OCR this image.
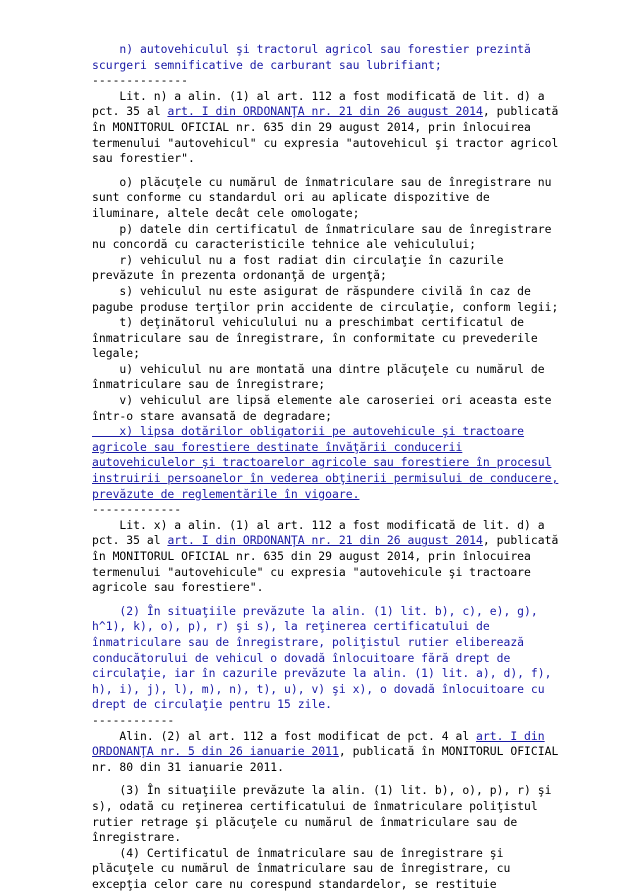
n) autovehiculul şi tractorul agricol sau forestier prezintă
scurgeri semnificative de carburant sau lubrifiant;
--------------
Lit. n) a alin. (1) al art. 112 a fost modificată de lit. d) a
pct. 35 al art. I din ORDONANŢA nr. 21 din 26 august 2014, publicată
în MONITORUL OFICIAL nr. 635 din 29 august 2014, prin înlocuirea
termenului "autovehicul" cu expresia "autovehicul şi tractor agricol
sau forestier".
o) plăcuţele cu numărul de înmatriculare sau de înregistrare nu
sunt conforme cu standardul ori au aplicate dispozitive de
iluminare, altele decât cele omologate;
p) datele din certificatul de înmatriculare sau de înregistrare
nu concordă cu caracteristicile tehnice ale vehiculului;
r) vehiculul nu a fost radiat din circulaţie în cazurile
prevăzute în prezenta ordonanţă de urgenţă;
s) vehiculul nu este asigurat de răspundere civilă în caz de
pagube produse terţilor prin accidente de circulaţie, conform legii;
t) deţinătorul vehiculului nu a preschimbat certificatul de
înmatriculare sau de înregistrare, în conformitate cu prevederile
legale;
u) vehiculul nu are montată una dintre plăcuţele cu numărul de
înmatriculare sau de înregistrare;
v) vehiculul are lipsă elemente ale caroseriei ori aceasta este
într-o stare avansată de degradare;
x) lipsa dotărilor obligatorii pe autovehicule şi tractoare
agricole sau forestiere destinate învăţării conducerii
autovehiculelor şi tractoarelor agricole sau forestiere în procesul
instruirii persoanelor în vederea obţinerii permisului de conducere,
prevăzute de reglementările în vigoare.
-------------
Lit. x) a alin. (1) al art. 112 a fost modificată de lit. d) a
pct. 35 al art. I din ORDONANŢA nr. 21 din 26 august 2014, publicată
în MONITORUL OFICIAL nr. 635 din 29 august 2014, prin înlocuirea
termenului "autovehicule" cu expresia "autovehicule şi tractoare
agricole sau forestiere".
(2) În situaţiile prevăzute la alin. (1) lit. b), c), e), g),
h^1), k), o), p), r) şi s), la reţinerea certificatului de
înmatriculare sau de înregistrare, poliţistul rutier eliberează
conducătorului de vehicul o dovadă înlocuitoare fără drept de
circulaţie, iar în cazurile prevăzute la alin. (1) lit. a), d), f),
h), i), j), l), m), n), t), u), v) şi x), o dovadă înlocuitoare cu
drept de circulaţie pentru 15 zile.
------------
Alin. (2) al art. 112 a fost modificat de pct. 4 al art. I din
ORDONANŢA nr. 5 din 26 ianuarie 2011, publicată în MONITORUL OFICIAL
nr. 80 din 31 ianuarie 2011.
(3) În situaţiile prevăzute la alin. (1) lit. b), o), p), r) şi
s), odată cu reţinerea certificatului de înmatriculare poliţistul
rutier retrage şi plăcuţele cu numărul de înmatriculare sau de
înregistrare.
(4) Certificatul de înmatriculare sau de înregistrare şi
plăcuţele cu numărul de înmatriculare sau de înregistrare, cu
excepţia celor care nu corespund standardelor, se restituie
